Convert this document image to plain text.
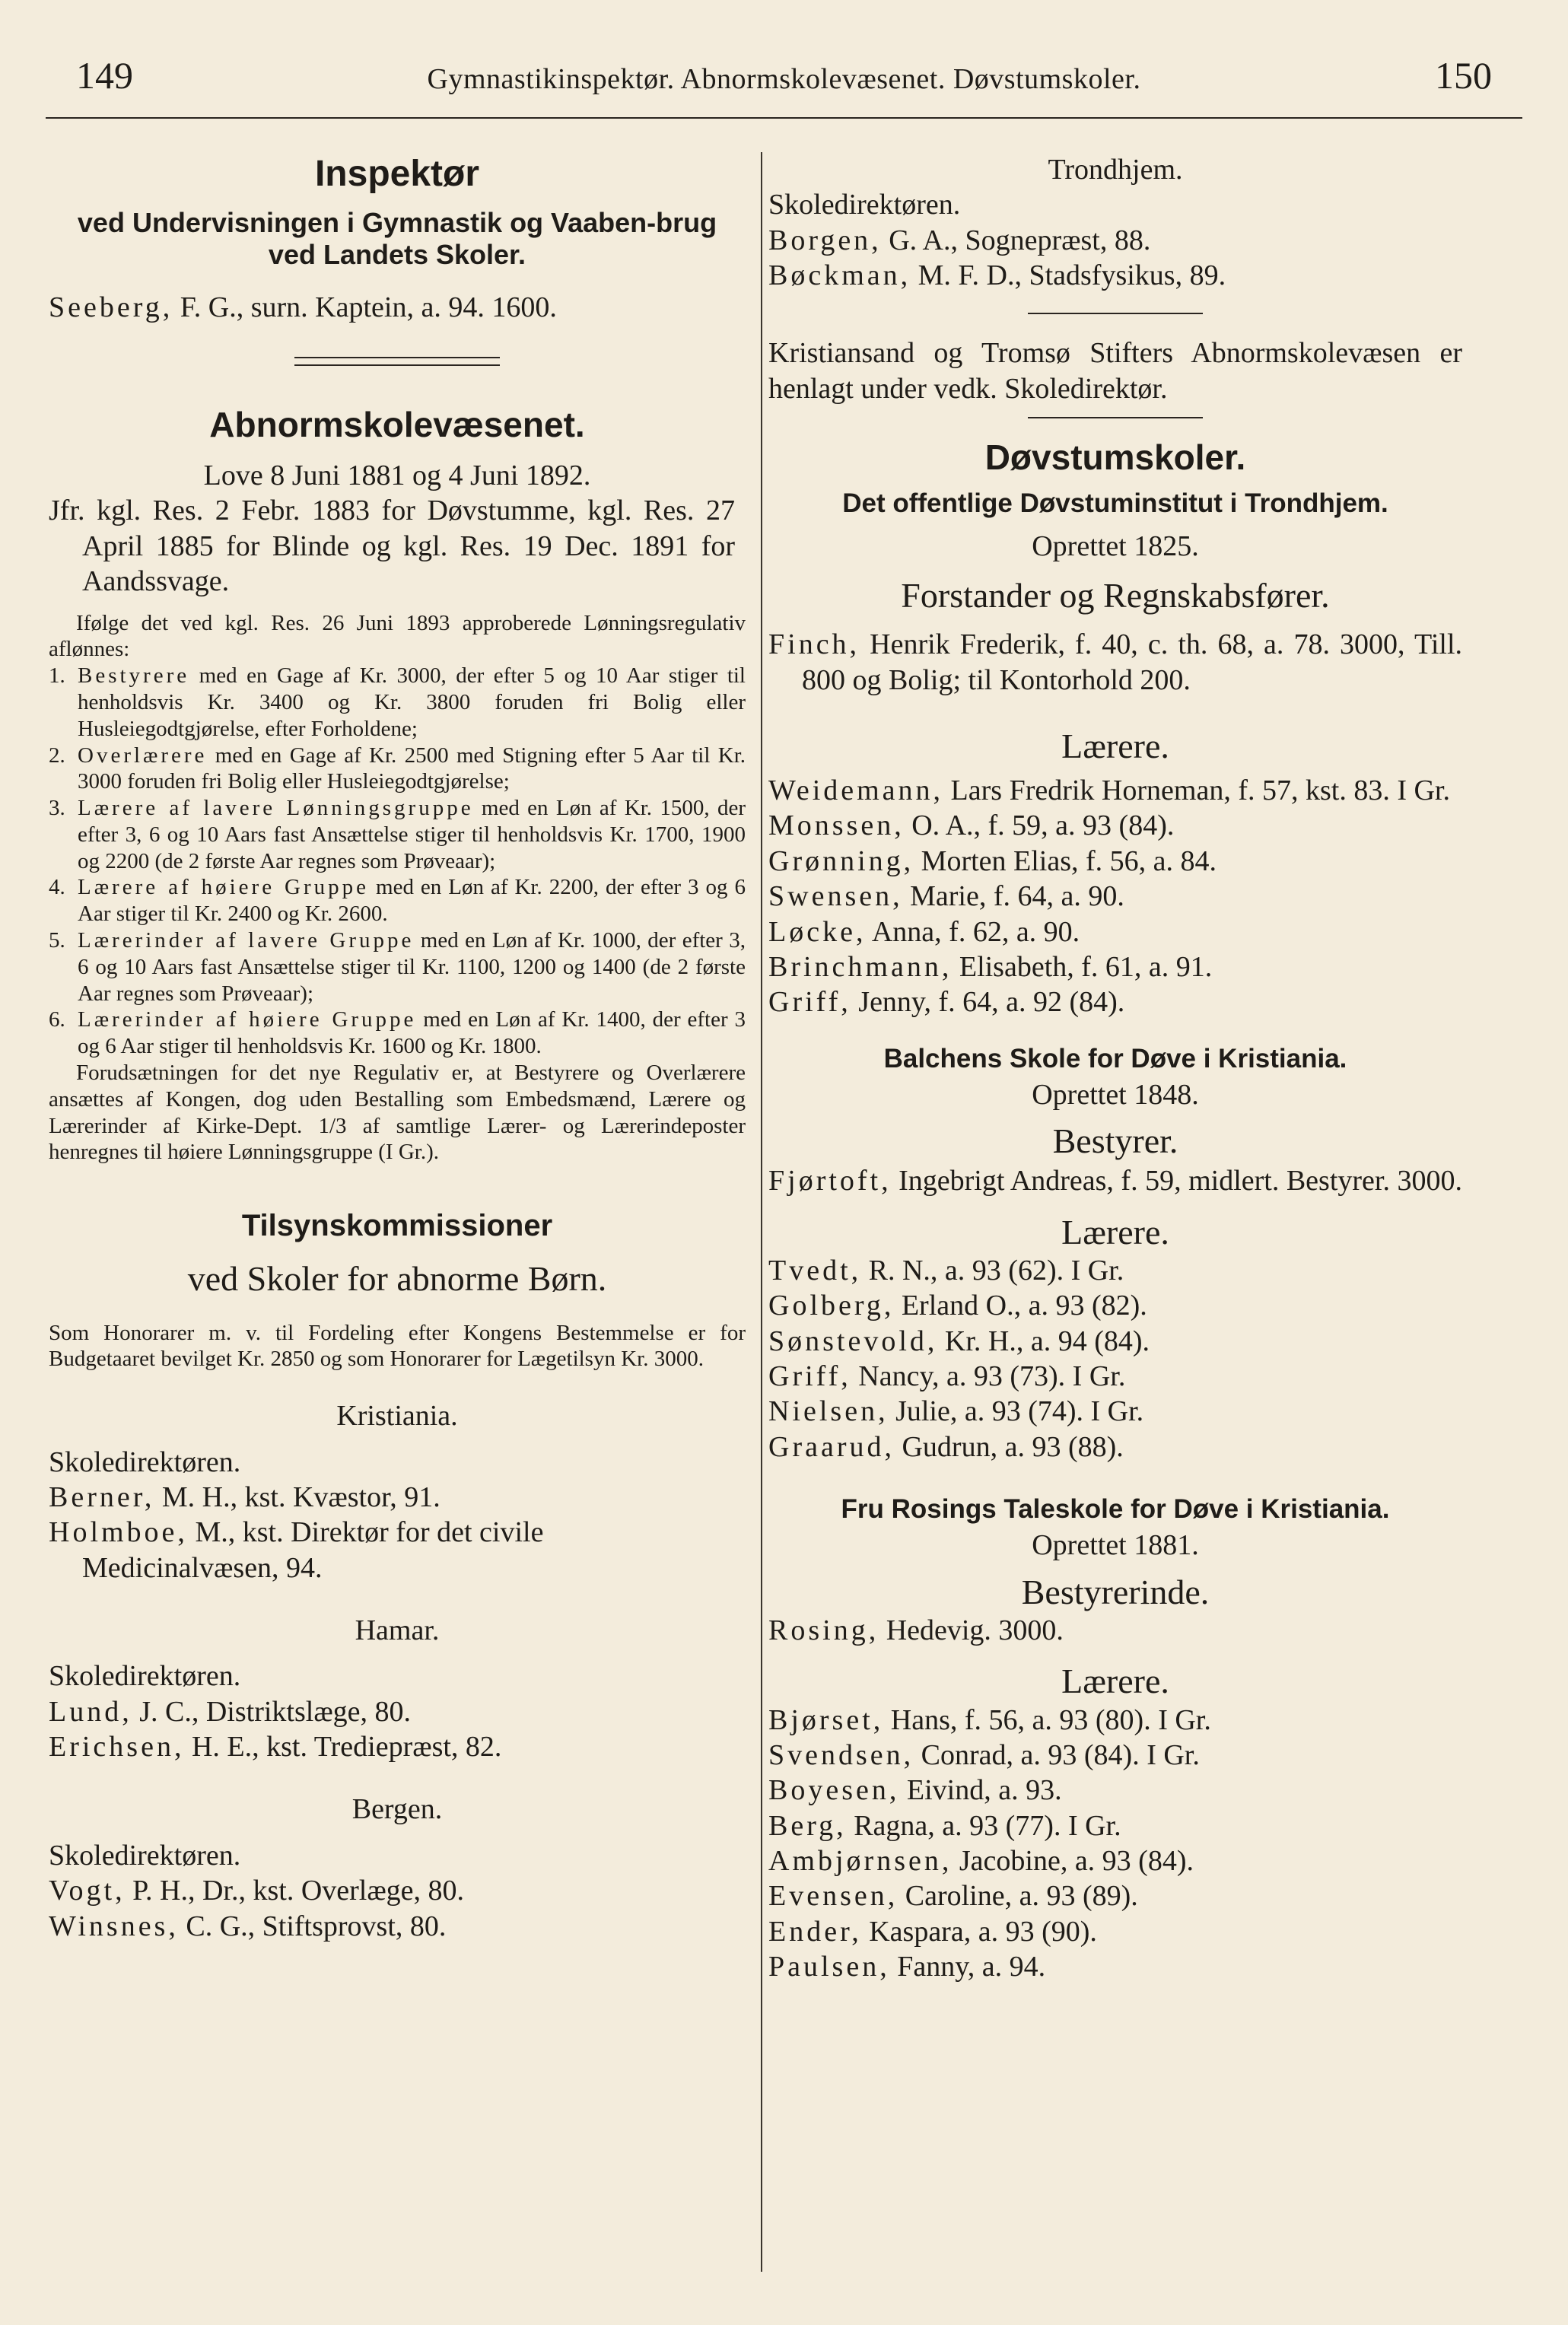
149	Gymnastikinspektør. Abnormskolevæsenet. Døvstumskoler.	150
Inspektør
ved Undervisningen i Gymnastik og Vaaben-brug ved Landets Skoler.
Seeberg, F. G., surn. Kaptein, a. 94. 1600.
Abnormskolevæsenet.
Love 8 Juni 1881 og 4 Juni 1892.
Jfr. kgl. Res. 2 Febr. 1883 for Døvstumme, kgl. Res. 27 April 1885 for Blinde og kgl. Res. 19 Dec. 1891 for Aandssvage.
Ifølge det ved kgl. Res. 26 Juni 1893 approberede Lønningsregulativ aflønnes:
1. Bestyrere med en Gage af Kr. 3000, der efter 5 og 10 Aar stiger til henholdsvis Kr. 3400 og Kr. 3800 foruden fri Bolig eller Husleiegodtgjørelse, efter Forholdene;
2. Overlærere med en Gage af Kr. 2500 med Stigning efter 5 Aar til Kr. 3000 foruden fri Bolig eller Husleiegodtgjørelse;
3. Lærere af lavere Lønningsgruppe med en Løn af Kr. 1500, der efter 3, 6 og 10 Aars fast Ansættelse stiger til henholdsvis Kr. 1700, 1900 og 2200 (de 2 første Aar regnes som Prøveaar);
4. Lærere af høiere Gruppe med en Løn af Kr. 2200, der efter 3 og 6 Aar stiger til Kr. 2400 og Kr. 2600.
5. Lærerinder af lavere Gruppe med en Løn af Kr. 1000, der efter 3, 6 og 10 Aars fast Ansættelse stiger til Kr. 1100, 1200 og 1400 (de 2 første Aar regnes som Prøveaar);
6. Lærerinder af høiere Gruppe med en Løn af Kr. 1400, der efter 3 og 6 Aar stiger til henholdsvis Kr. 1600 og Kr. 1800.
Forudsætningen for det nye Regulativ er, at Bestyrere og Overlærere ansættes af Kongen, dog uden Bestalling som Embedsmænd, Lærere og Lærerinder af Kirke-Dept. 1/3 af samtlige Lærer- og Lærerindeposter henregnes til høiere Lønningsgruppe (I Gr.).
Tilsynskommissioner
ved Skoler for abnorme Børn.
Som Honorarer m. v. til Fordeling efter Kongens Bestemmelse er for Budgetaaret bevilget Kr. 2850 og som Honorarer for Lægetilsyn Kr. 3000.
Kristiania.
Skoledirektøren.
Berner, M. H., kst. Kvæstor, 91.
Holmboe, M., kst. Direktør for det civile Medicinalvæsen, 94.
Hamar.
Skoledirektøren.
Lund, J. C., Distriktslæge, 80.
Erichsen, H. E., kst. Trediepræst, 82.
Bergen.
Skoledirektøren.
Vogt, P. H., Dr., kst. Overlæge, 80.
Winsnes, C. G., Stiftsprovst, 80.
Trondhjem.
Skoledirektøren.
Borgen, G. A., Sognepræst, 88.
Bøckman, M. F. D., Stadsfysikus, 89.
Kristiansand og Tromsø Stifters Abnormskolevæsen er henlagt under vedk. Skoledirektør.
Døvstumskoler.
Det offentlige Døvstuminstitut i Trondhjem.
Oprettet 1825.
Forstander og Regnskabsfører.
Finch, Henrik Frederik, f. 40, c. th. 68, a. 78. 3000, Till. 800 og Bolig; til Kontorhold 200.
Lærere.
Weidemann, Lars Fredrik Horneman, f. 57, kst. 83. I Gr.
Monssen, O. A., f. 59, a. 93 (84).
Grønning, Morten Elias, f. 56, a. 84.
Swensen, Marie, f. 64, a. 90.
Løcke, Anna, f. 62, a. 90.
Brinchmann, Elisabeth, f. 61, a. 91.
Griff, Jenny, f. 64, a. 92 (84).
Balchens Skole for Døve i Kristiania.
Oprettet 1848.
Bestyrer.
Fjørtoft, Ingebrigt Andreas, f. 59, midlert. Bestyrer. 3000.
Lærere.
Tvedt, R. N., a. 93 (62). I Gr.
Golberg, Erland O., a. 93 (82).
Sønstevold, Kr. H., a. 94 (84).
Griff, Nancy, a. 93 (73). I Gr.
Nielsen, Julie, a. 93 (74). I Gr.
Graarud, Gudrun, a. 93 (88).
Fru Rosings Taleskole for Døve i Kristiania.
Oprettet 1881.
Bestyrerinde.
Rosing, Hedevig. 3000.
Lærere.
Bjørset, Hans, f. 56, a. 93 (80). I Gr.
Svendsen, Conrad, a. 93 (84). I Gr.
Boyesen, Eivind, a. 93.
Berg, Ragna, a. 93 (77). I Gr.
Ambjørnsen, Jacobine, a. 93 (84).
Evensen, Caroline, a. 93 (89).
Ender, Kaspara, a. 93 (90).
Paulsen, Fanny, a. 94.
